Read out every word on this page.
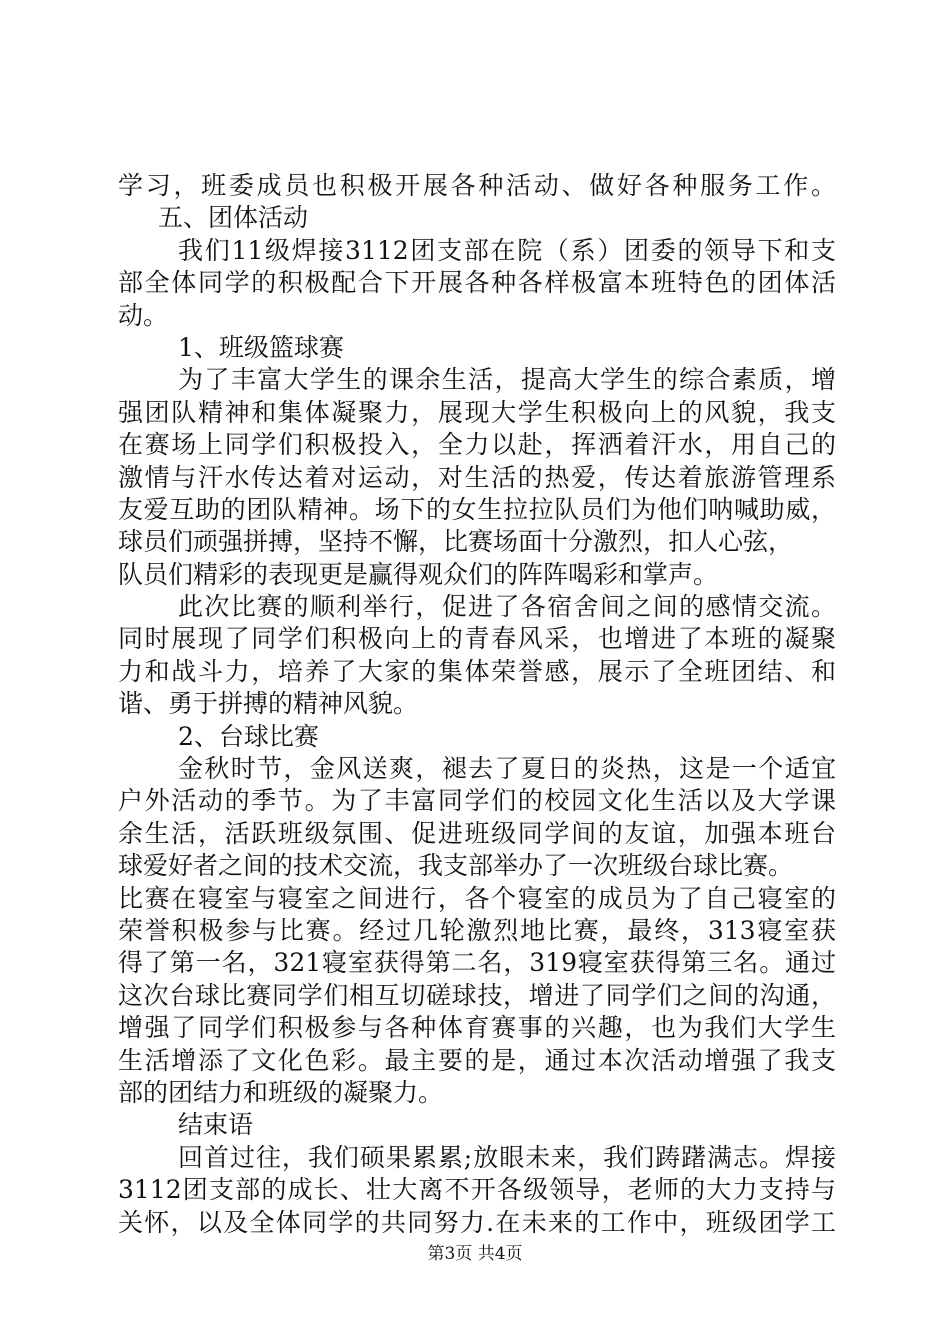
学习，班委成员也积极开展各种活动、做好各种服务工作。
五、团体活动
我们11级焊接3112团支部在院（系）团委的领导下和支
部全体同学的积极配合下开展各种各样极富本班特色的团体活
动。
1、班级篮球赛
为了丰富大学生的课余生活，提高大学生的综合素质，增
强团队精神和集体凝聚力，展现大学生积极向上的风貌，我支
在赛场上同学们积极投入，全力以赴，挥洒着汗水，用自己的
激情与汗水传达着对运动，对生活的热爱，传达着旅游管理系
友爱互助的团队精神。场下的女生拉拉队员们为他们呐喊助威，
球员们顽强拼搏，坚持不懈，比赛场面十分激烈，扣人心弦，
队员们精彩的表现更是赢得观众们的阵阵喝彩和掌声。
此次比赛的顺利举行，促进了各宿舍间之间的感情交流。
同时展现了同学们积极向上的青春风采，也增进了本班的凝聚
力和战斗力，培养了大家的集体荣誉感，展示了全班团结、和
谐、勇于拼搏的精神风貌。
2、台球比赛
金秋时节，金风送爽，褪去了夏日的炎热，这是一个适宜
户外活动的季节。为了丰富同学们的校园文化生活以及大学课
余生活，活跃班级氛围、促进班级同学间的友谊，加强本班台
球爱好者之间的技术交流，我支部举办了一次班级台球比赛。
比赛在寝室与寝室之间进行，各个寝室的成员为了自己寝室的
荣誉积极参与比赛。经过几轮激烈地比赛，最终，313寝室获
得了第一名，321寝室获得第二名，319寝室获得第三名。通过
这次台球比赛同学们相互切磋球技，增进了同学们之间的沟通，
增强了同学们积极参与各种体育赛事的兴趣，也为我们大学生
生活增添了文化色彩。最主要的是，通过本次活动增强了我支
部的团结力和班级的凝聚力。
结束语
回首过往，我们硕果累累;放眼未来，我们踌躇满志。焊接
3112团支部的成长、壮大离不开各级领导，老师的大力支持与
关怀，以及全体同学的共同努力.在未来的工作中，班级团学工
第3页 共4页
